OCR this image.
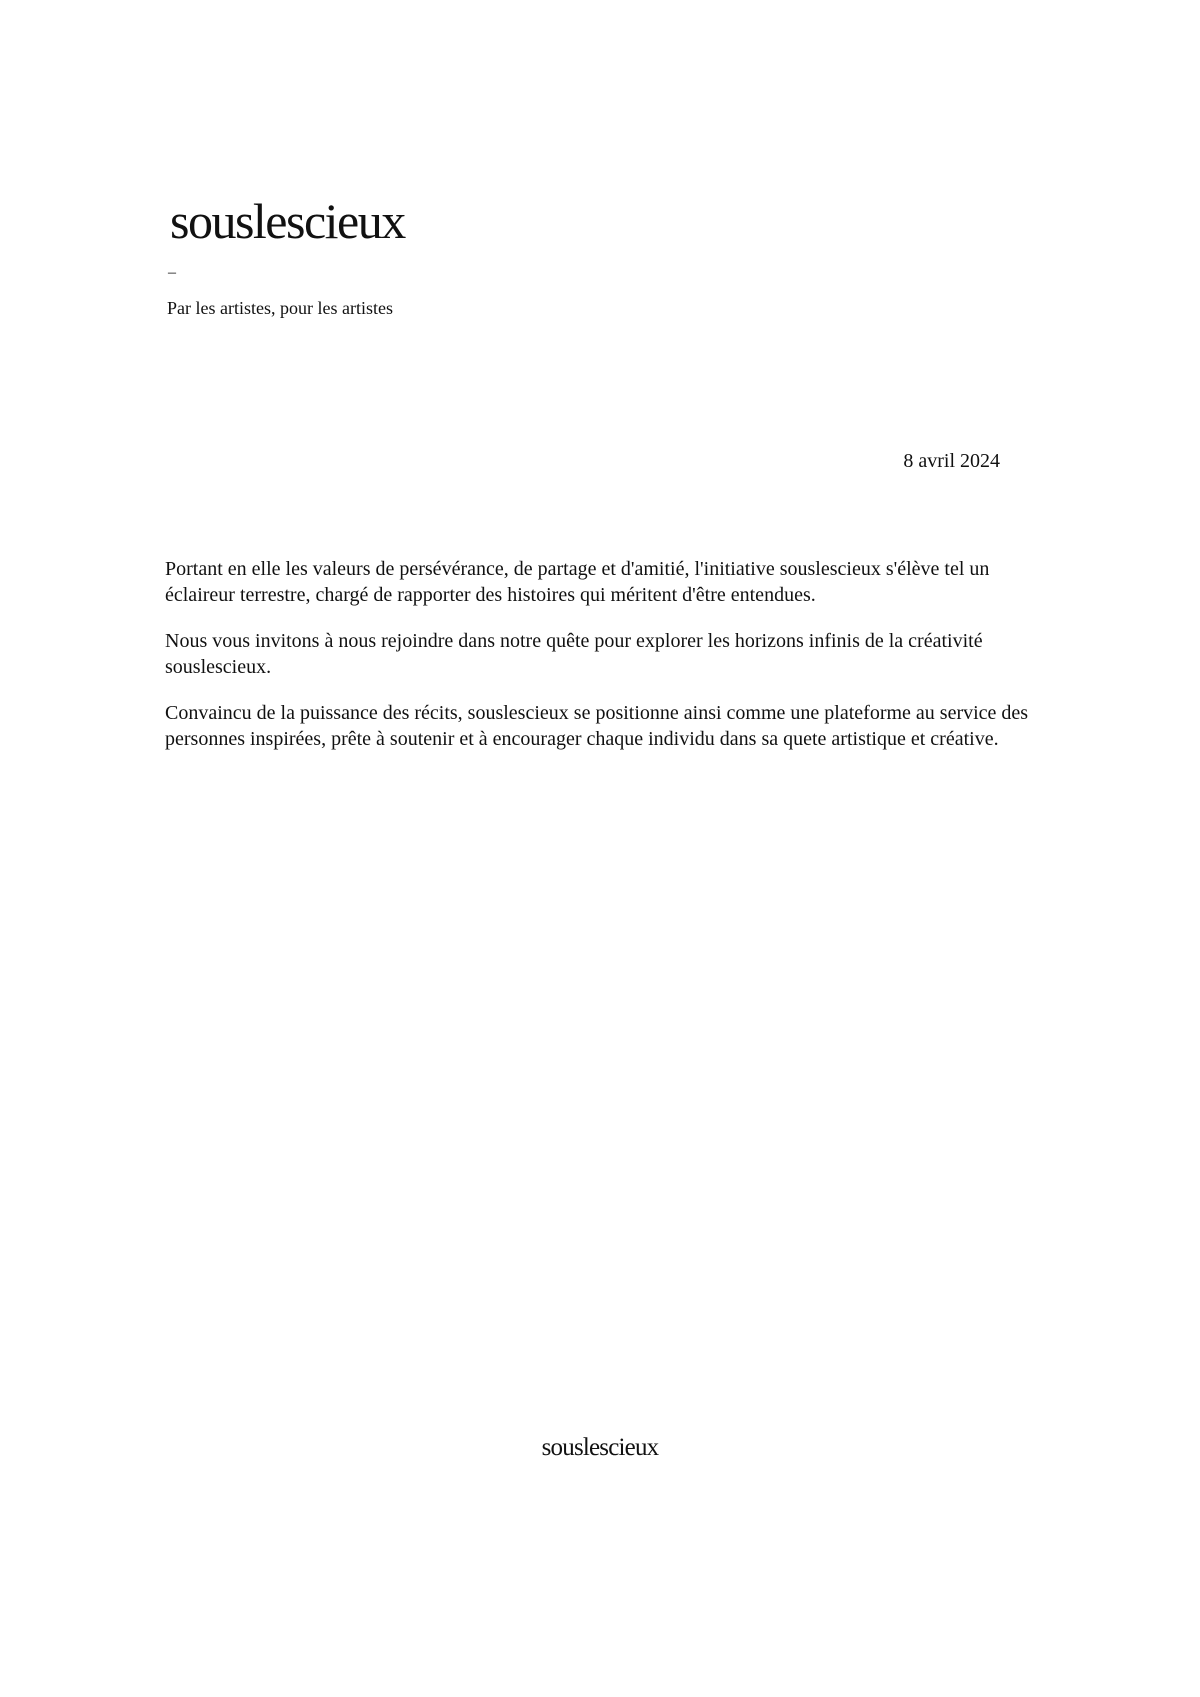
souslescieux
–
Par les artistes, pour les artistes
8 avril 2024

Portant en elle les valeurs de persévérance, de partage et d'amitié, l'initiative souslescieux s'élève tel un éclaireur terrestre, chargé de rapporter des histoires qui méritent d'être entendues.

Nous vous invitons à nous rejoindre dans notre quête pour explorer les horizons infinis de la créativité souslescieux.

Convaincu de la puissance des récits, souslescieux se positionne ainsi comme une plateforme au service des personnes inspirées, prête à soutenir et à encourager chaque individu dans sa quete artistique et créative.

souslescieux
